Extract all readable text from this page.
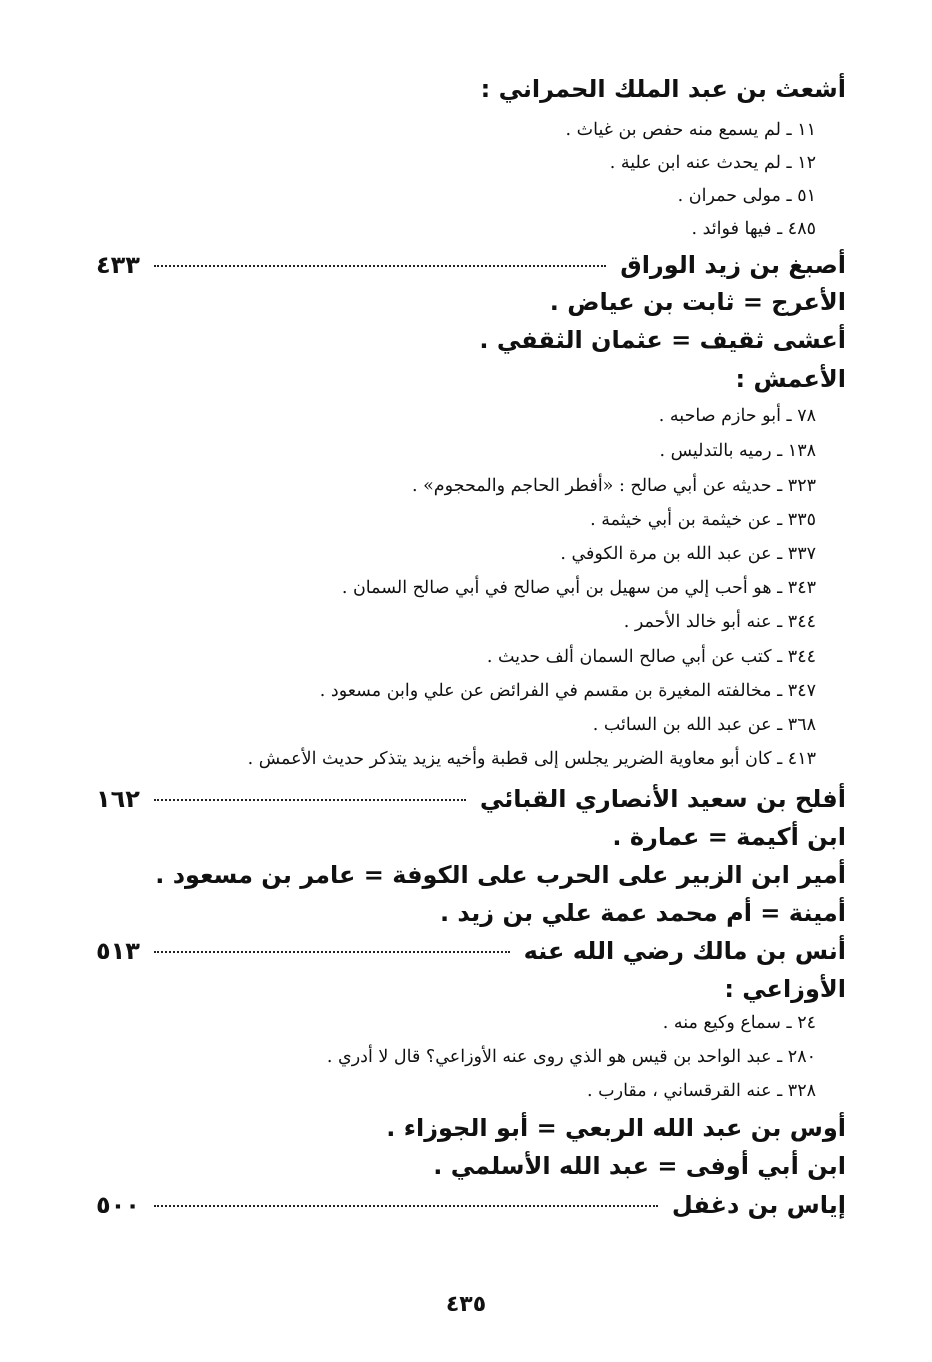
أشعث بن عبد الملك الحمراني :
١١ ـ لم يسمع منه حفص بن غياث .
١٢ ـ لم يحدث عنه ابن علية .
٥١ ـ مولى حمران .
٤٨٥ ـ فيها فوائد .
أصبغ بن زيد الوراق
٤٣٣
الأعرج = ثابت بن عياض .
أعشى ثقيف = عثمان الثقفي .
الأعمش :
٧٨ ـ أبو حازم صاحبه .
١٣٨ ـ رميه بالتدليس .
٣٢٣ ـ حديثه عن أبي صالح : «أفطر الحاجم والمحجوم» .
٣٣٥ ـ عن خيثمة بن أبي خيثمة .
٣٣٧ ـ عن عبد الله بن مرة الكوفي .
٣٤٣ ـ هو أحب إلي من سهيل بن أبي صالح في أبي صالح السمان .
٣٤٤ ـ عنه أبو خالد الأحمر .
٣٤٤ ـ كتب عن أبي صالح السمان ألف حديث .
٣٤٧ ـ مخالفته المغيرة بن مقسم في الفرائض عن علي وابن مسعود .
٣٦٨ ـ عن عبد الله بن السائب .
٤١٣ ـ كان أبو معاوية الضرير يجلس إلى قطبة وأخيه يزيد يتذكر حديث الأعمش .
أفلح بن سعيد الأنصاري القبائي
١٦٢
ابن أكيمة = عمارة .
أمير ابن الزبير على الحرب على الكوفة = عامر بن مسعود .
أمينة = أم محمد عمة علي بن زيد .
أنس بن مالك رضي الله عنه
٥١٣
الأوزاعي :
٢٤ ـ سماع وكيع منه .
٢٨٠ ـ عبد الواحد بن قيس هو الذي روى عنه الأوزاعي؟ قال لا أدري .
٣٢٨ ـ عنه القرقساني ، مقارب .
أوس بن عبد الله الربعي = أبو الجوزاء .
ابن أبي أوفى = عبد الله الأسلمي .
إياس بن دغفل
٥٠٠
٤٣٥
